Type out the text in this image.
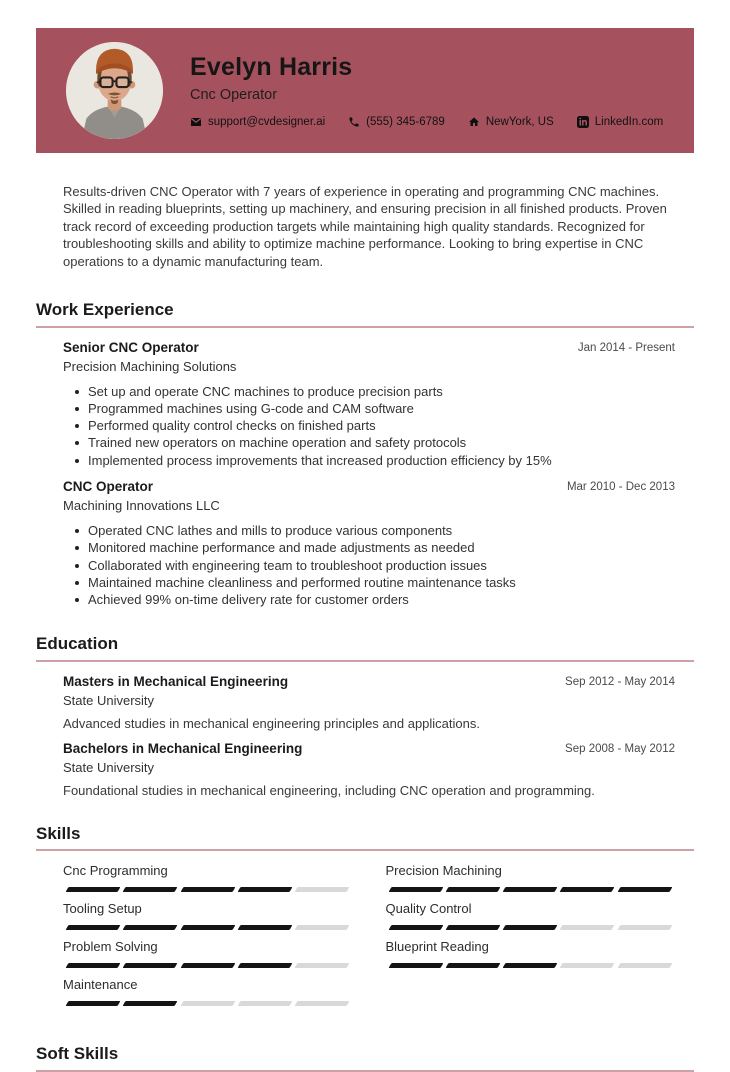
Evelyn Harris
Cnc Operator
support@cvdesigner.ai	(555) 345-6789	NewYork, US	LinkedIn.com

Results-driven CNC Operator with 7 years of experience in operating and programming CNC machines. Skilled in reading blueprints, setting up machinery, and ensuring precision in all finished products. Proven track record of exceeding production targets while maintaining high quality standards. Recognized for troubleshooting skills and ability to optimize machine performance. Looking to bring expertise in CNC operations to a dynamic manufacturing team.

Work Experience
Senior CNC Operator
Precision Machining Solutions
Jan 2014 - Present
Set up and operate CNC machines to produce precision parts
Programmed machines using G-code and CAM software
Performed quality control checks on finished parts
Trained new operators on machine operation and safety protocols
Implemented process improvements that increased production efficiency by 15%
CNC Operator
Machining Innovations LLC
Mar 2010 - Dec 2013
Operated CNC lathes and mills to produce various components
Monitored machine performance and made adjustments as needed
Collaborated with engineering team to troubleshoot production issues
Maintained machine cleanliness and performed routine maintenance tasks
Achieved 99% on-time delivery rate for customer orders
Education
Masters in Mechanical Engineering
State University
Sep 2012 - May 2014

Advanced studies in mechanical engineering principles and applications.

Bachelors in Mechanical Engineering
State University
Sep 2008 - May 2012

Foundational studies in mechanical engineering, including CNC operation and programming.

Skills
Cnc Programming
Tooling Setup
Problem Solving
Maintenance
Precision Machining
Quality Control
Blueprint Reading
Soft Skills
